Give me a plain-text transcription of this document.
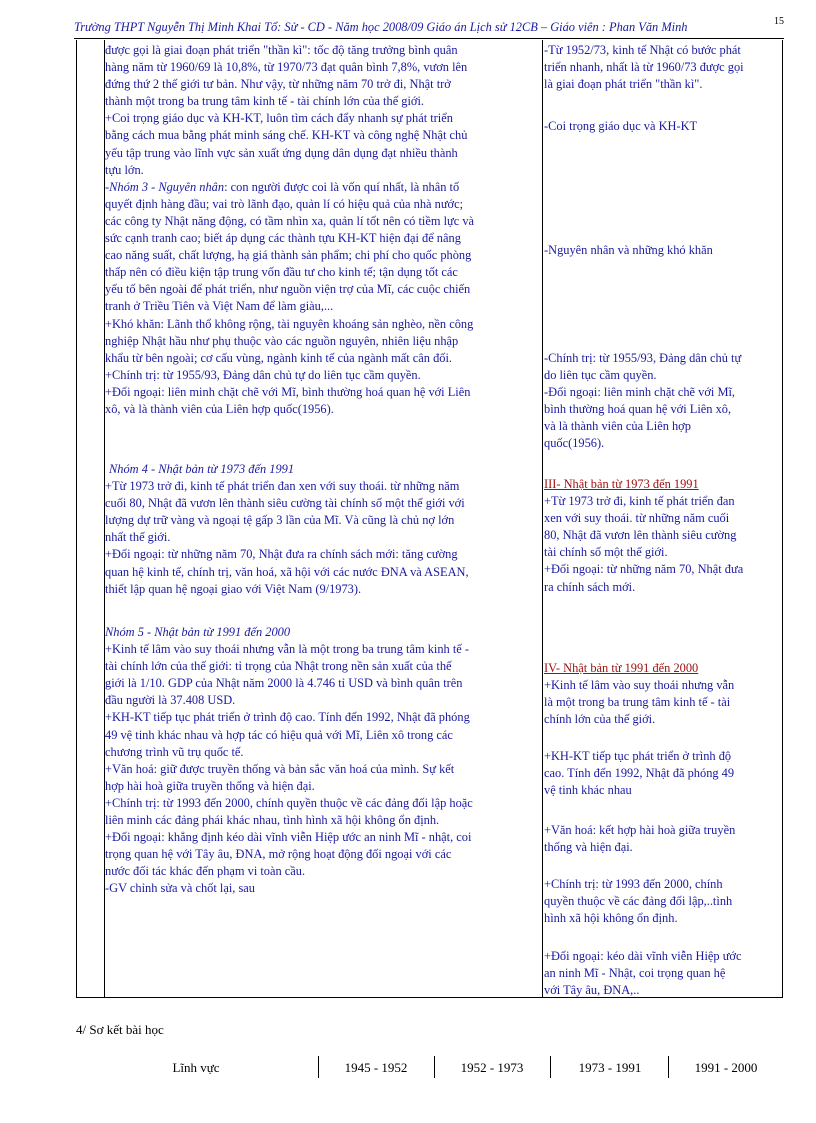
Trường THPT Nguyễn Thị Minh Khai Tổ: Sử - CD - Năm học 2008/09 Giáo án Lịch sử 12CB – Giáo viên : Phan Văn Minh	15

được gọi là giai đoạn phát triển "thần kì": tốc độ tăng trưởng bình quân

hàng năm từ 1960/69 là 10,8%, từ 1970/73 đạt quân bình 7,8%, vươn lên

đứng thứ 2 thế giới tư bản. Như vậy, từ những năm 70 trở đi, Nhật trở

thành một trong ba trung tâm kinh tế - tài chính lớn của thế giới.

+Coi trọng giáo dục và KH-KT, luôn tìm cách đẩy nhanh sự phát triển

bằng cách mua bằng phát minh sáng chế. KH-KT và công nghệ Nhật chủ

yếu tập trung vào lĩnh vực sản xuất ứng dụng dân dụng đạt nhiều thành

tựu lớn.

-Nhóm 3 - Nguyên nhân: con người được coi là vốn quí nhất, là nhân tố

quyết định hàng đầu; vai trò lãnh đạo, quản lí có hiệu quả của nhà nước;

các công ty Nhật năng động, có tầm nhìn xa, quản lí tốt nên có tiềm lực và

sức cạnh tranh cao; biết áp dụng các thành tựu KH-KT hiện đại để nâng

cao năng suất, chất lượng, hạ giá thành sản phẩm; chi phí cho quốc phòng

thấp nên có điều kiện tập trung vốn đầu tư cho kinh tế; tận dụng tốt các

yếu tố bên ngoài để phát triển, như nguồn viện trợ của Mĩ, các cuộc chiến

tranh ở Triều Tiên và Việt Nam để làm giàu,...

+Khó khăn: Lãnh thổ không rộng, tài nguyên khoáng sản nghèo, nền công

nghiệp Nhật hầu như phụ thuộc vào các nguồn nguyên, nhiên liệu nhập

khẩu từ bên ngoài; cơ cấu vùng, ngành kinh tế của ngành mất cân đối.

+Chính trị: từ 1955/93, Đảng dân chủ tự do liên tục cầm quyền.

+Đối ngoại: liên minh chặt chẽ với Mĩ, bình thường hoá quan hệ với Liên

xô, và là thành viên của Liên hợp quốc(1956).

Nhóm 4 - Nhật bản từ 1973 đến 1991

+Từ 1973 trở đi, kinh tế phát triển đan xen với suy thoái. từ những năm

cuối 80, Nhật đã vươn lên thành siêu cường tài chính số một thế giới với

lượng dự trữ vàng và ngoại tệ gấp 3 lần của Mĩ. Và cũng là chủ nợ lớn

nhất thế giới.

+Đối ngoại: từ những năm 70, Nhật đưa ra chính sách mới: tăng cường

quan hệ kinh tế, chính trị, văn hoá, xã hội với các nước ĐNA và ASEAN,

thiết lập quan hệ ngoại giao với Việt Nam (9/1973).

Nhóm 5 - Nhật bản từ 1991 đến 2000

+Kinh tế lâm vào suy thoái nhưng vẫn là một trong ba trung tâm kinh tế -

tài chính lớn của thế giới: tỉ trọng của Nhật trong nền sản xuất của thế

giới là 1/10. GDP của Nhật năm 2000 là 4.746 tỉ USD và bình quân trên

đầu người là 37.408 USD.

+KH-KT tiếp tục phát triển ở trình độ cao. Tính đến 1992, Nhật đã phóng

49 vệ tinh khác nhau và hợp tác có hiệu quả với Mĩ, Liên xô trong các

chương trình vũ trụ quốc tế.

+Văn hoá: giữ được truyền thống và bản sắc văn hoá của mình. Sự kết

hợp hài hoà giữa truyền thống và hiện đại.

+Chính trị: từ 1993 đến 2000, chính quyền thuộc về các đảng đối lập hoặc

liên minh các đảng phái khác nhau, tình hình xã hội không ổn định.

+Đối ngoại: khẳng định kéo dài vĩnh viễn Hiệp ước an ninh Mĩ - nhật, coi

trọng quan hệ với Tây âu, ĐNA, mở rộng hoạt động đối ngoại với các

nước đối tác khác đến phạm vi toàn cầu.

-GV chỉnh sửa và chốt lại, sau

-Từ 1952/73, kinh tế Nhật có bước phát

triển nhanh, nhất là từ 1960/73 được gọi

là giai đoạn phát triển "thần kì".

-Coi trọng giáo dục và KH-KT

-Nguyên nhân và những khó khăn

-Chính trị: từ 1955/93, Đảng dân chủ tự

do liên tục cầm quyền.

-Đối ngoại: liên minh chặt chẽ với Mĩ,

bình thường hoá quan hệ với Liên xô,

và là thành viên của Liên hợp

quốc(1956).

III- Nhật bản từ 1973 đến 1991

+Từ 1973 trở đi, kinh tế phát triển đan

xen với suy thoái. từ những năm cuối

80, Nhật đã vươn lên thành siêu cường

tài chính số một thế giới.

+Đối ngoại: từ những năm 70, Nhật đưa

ra chính sách mới.

IV- Nhật bản từ 1991 đến 2000

+Kinh tế lâm vào suy thoái nhưng vẫn

là một trong ba trung tâm kinh tế - tài

chính lớn của thế giới.

+KH-KT tiếp tục phát triển ở trình độ

cao. Tính đến 1992, Nhật đã phóng 49

vệ tinh khác nhau

+Văn hoá: kết hợp hài hoà giữa truyền

thống và hiện đại.

+Chính trị: từ 1993 đến 2000, chính

quyền thuộc về các đảng đối lập,..tình

hình xã hội không ổn định.

+Đối ngoại: kéo dài vĩnh viễn Hiệp ước

an ninh Mĩ - Nhật, coi trọng quan hệ

với Tây âu, ĐNA,..

4/ Sơ kết bài học
Lĩnh vực	1945 - 1952	1952 - 1973	1973 - 1991	1991 - 2000
